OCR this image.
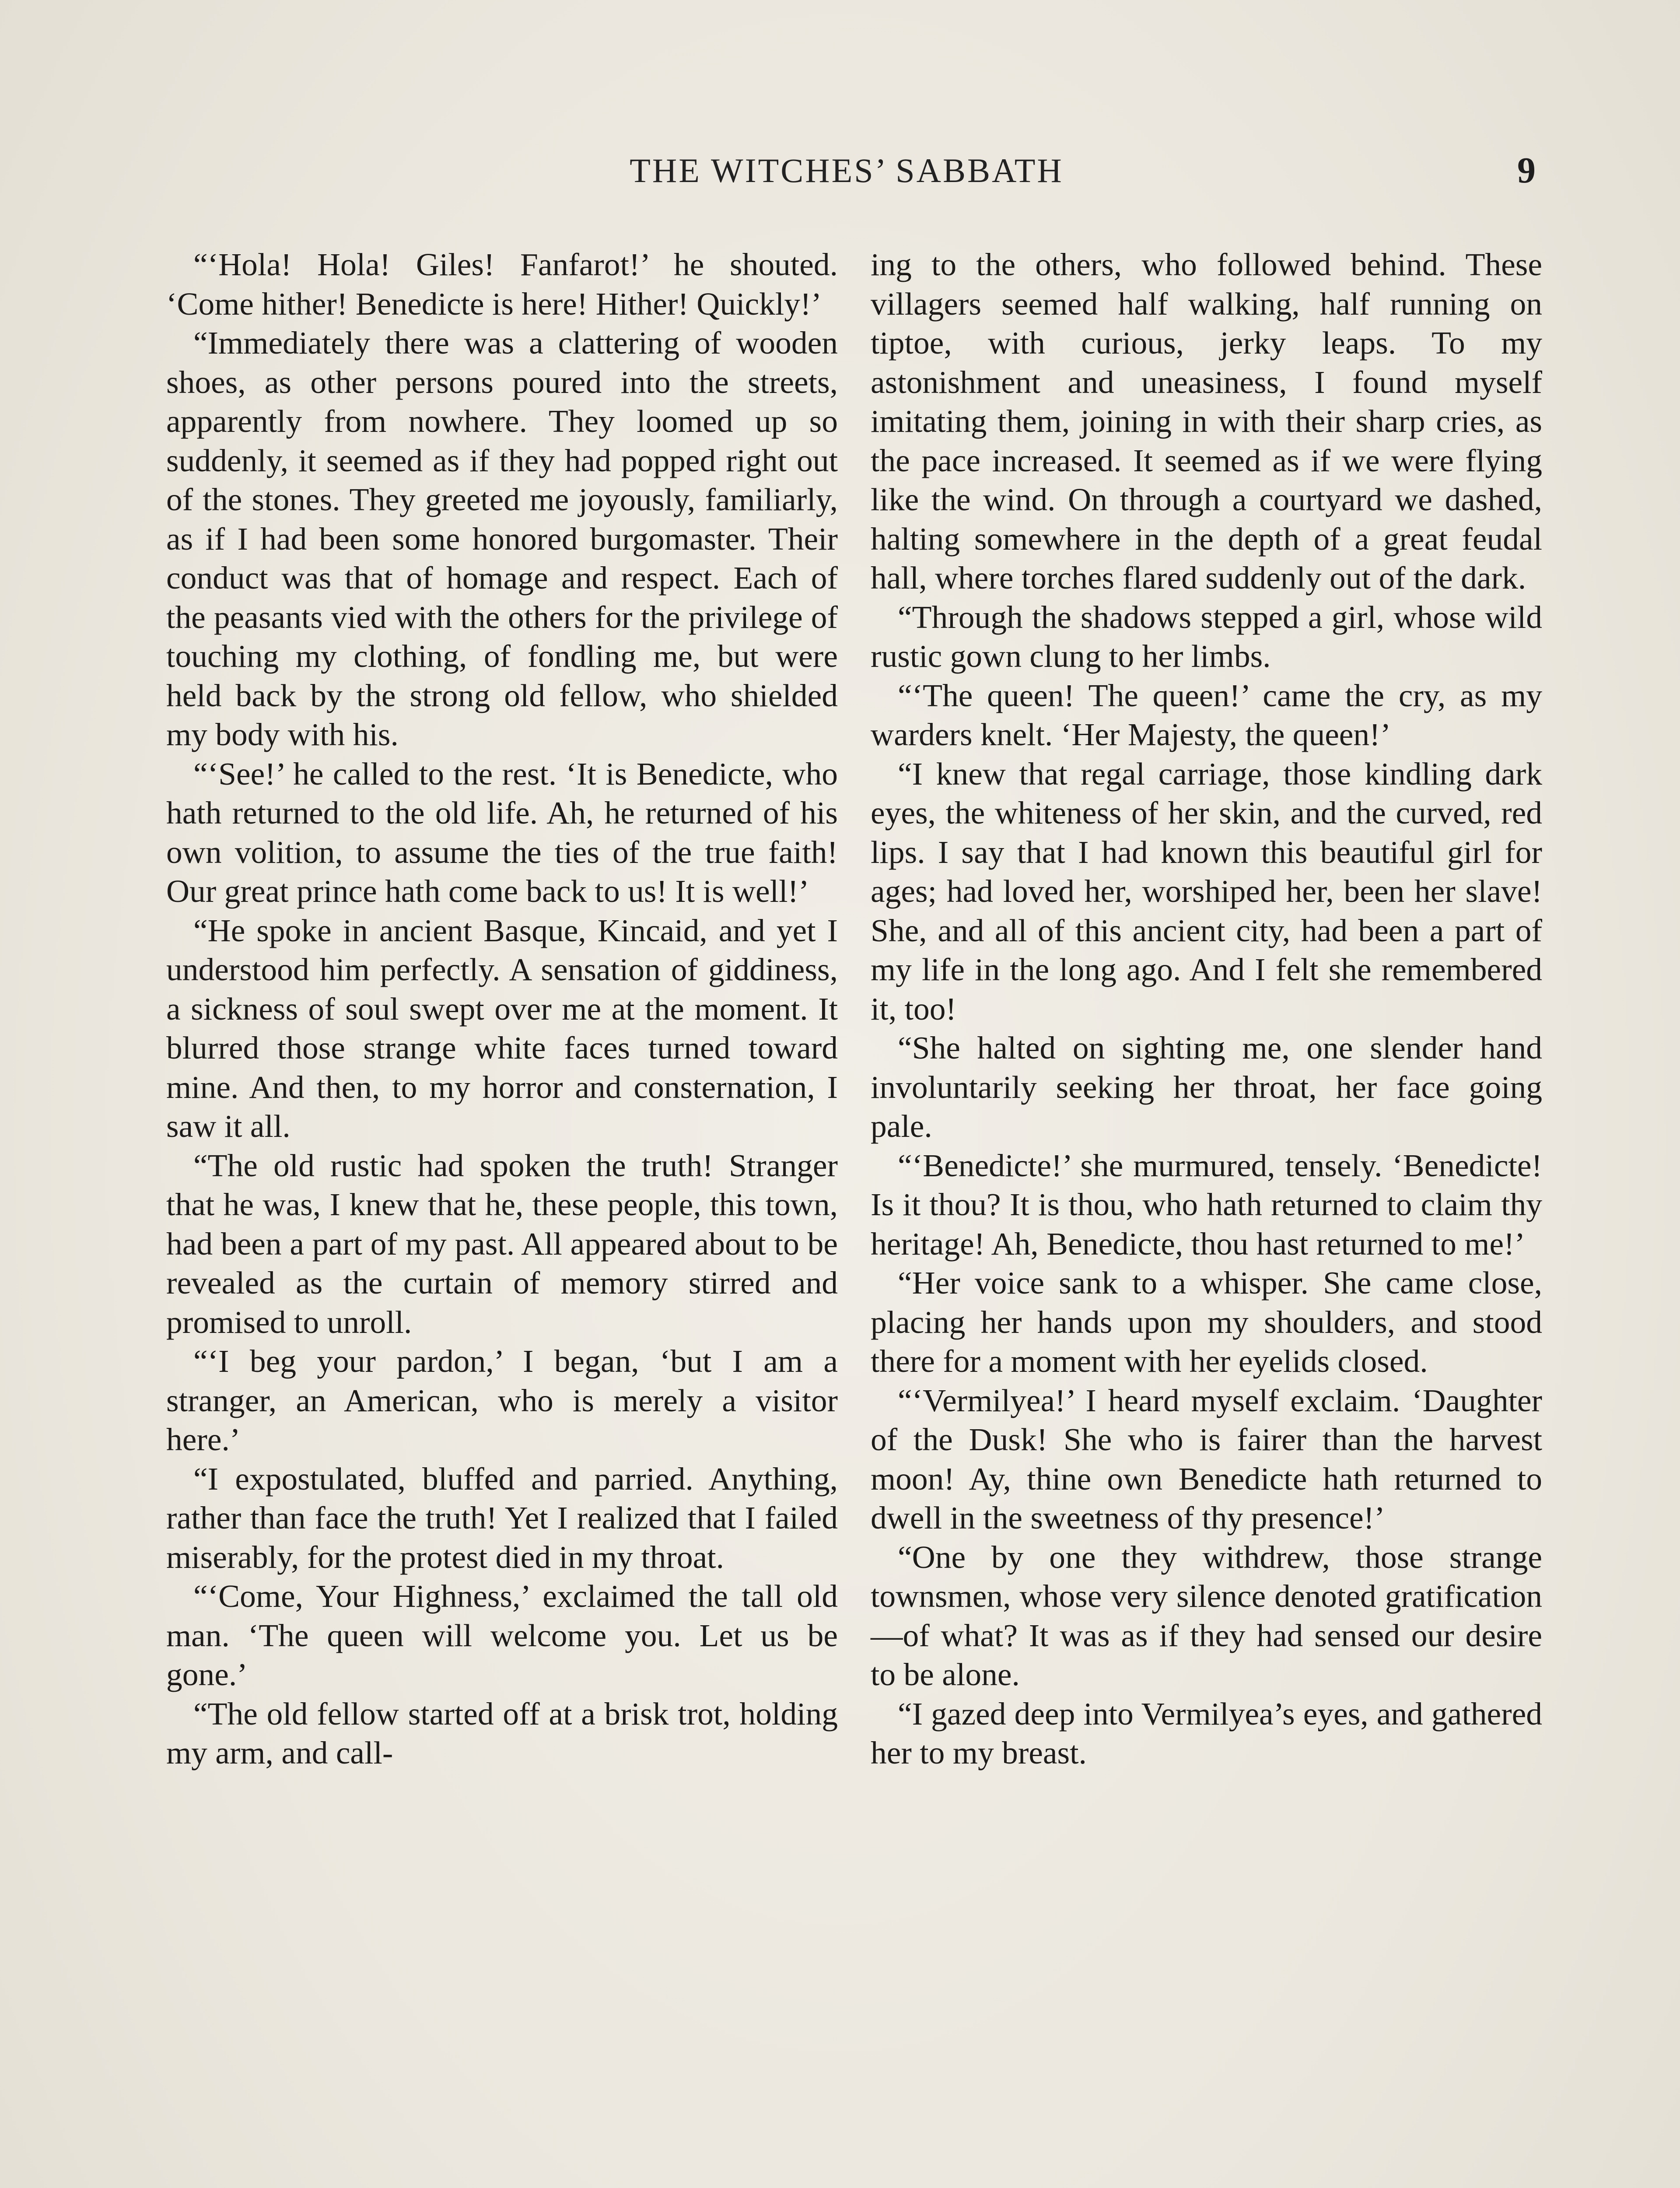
THE WITCHES’ SABBATH	9

“‘Hola! Hola! Giles! Fanfarot!’ he shouted. ‘Come hither! Benedicte is here! Hither! Quickly!’

“Immediately there was a clattering of wooden shoes, as other persons poured into the streets, apparently from nowhere. They loomed up so suddenly, it seemed as if they had popped right out of the stones. They greeted me joyously, familiarly, as if I had been some honored burgomaster. Their conduct was that of homage and respect. Each of the peasants vied with the others for the privilege of touching my clothing, of fondling me, but were held back by the strong old fellow, who shielded my body with his.

“‘See!’ he called to the rest. ‘It is Benedicte, who hath returned to the old life. Ah, he returned of his own volition, to assume the ties of the true faith! Our great prince hath come back to us! It is well!’

“He spoke in ancient Basque, Kincaid, and yet I understood him perfectly. A sensation of giddiness, a sickness of soul swept over me at the moment. It blurred those strange white faces turned toward mine. And then, to my horror and consternation, I saw it all.

“The old rustic had spoken the truth! Stranger that he was, I knew that he, these people, this town, had been a part of my past. All appeared about to be revealed as the curtain of memory stirred and promised to unroll.

“‘I beg your pardon,’ I began, ‘but I am a stranger, an American, who is merely a visitor here.’

“I expostulated, bluffed and parried. Anything, rather than face the truth! Yet I realized that I failed miserably, for the protest died in my throat.

“‘Come, Your Highness,’ exclaimed the tall old man. ‘The queen will welcome you. Let us be gone.’

“The old fellow started off at a brisk trot, holding my arm, and call-

ing to the others, who followed behind. These villagers seemed half walking, half running on tiptoe, with curious, jerky leaps. To my astonishment and uneasiness, I found myself imitating them, joining in with their sharp cries, as the pace increased. It seemed as if we were flying like the wind. On through a courtyard we dashed, halting somewhere in the depth of a great feudal hall, where torches flared suddenly out of the dark.

“Through the shadows stepped a girl, whose wild rustic gown clung to her limbs.

“‘The queen! The queen!’ came the cry, as my warders knelt. ‘Her Majesty, the queen!’

“I knew that regal carriage, those kindling dark eyes, the whiteness of her skin, and the curved, red lips. I say that I had known this beautiful girl for ages; had loved her, worshiped her, been her slave! She, and all of this ancient city, had been a part of my life in the long ago. And I felt she remembered it, too!

“She halted on sighting me, one slender hand involuntarily seeking her throat, her face going pale.

“‘Benedicte!’ she murmured, tensely. ‘Benedicte! Is it thou? It is thou, who hath returned to claim thy heritage! Ah, Benedicte, thou hast returned to me!’

“Her voice sank to a whisper. She came close, placing her hands upon my shoulders, and stood there for a moment with her eyelids closed.

“‘Vermilyea!’ I heard myself exclaim. ‘Daughter of the Dusk! She who is fairer than the harvest moon! Ay, thine own Benedicte hath returned to dwell in the sweetness of thy presence!’

“One by one they withdrew, those strange townsmen, whose very silence denoted gratification—of what? It was as if they had sensed our desire to be alone.

“I gazed deep into Vermilyea’s eyes, and gathered her to my breast.
